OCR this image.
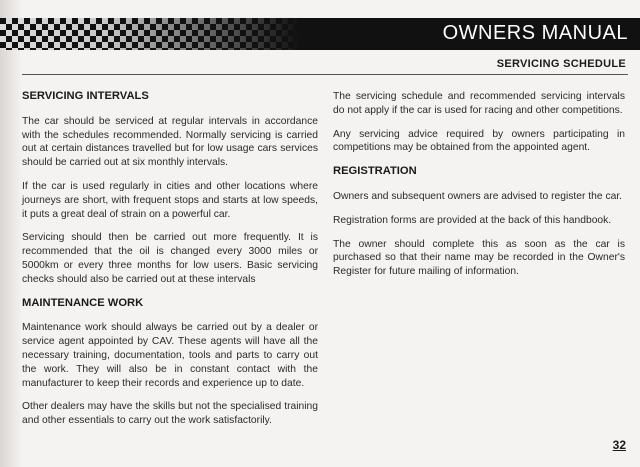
OWNERS MANUAL
SERVICING SCHEDULE
SERVICING INTERVALS

The car should be serviced at regular intervals in accordance with the schedules recommended. Normally servicing is carried out at certain distances travelled but for low usage cars services should be carried out at six monthly intervals.

If the car is used regularly in cities and other locations where journeys are short, with frequent stops and starts at low speeds, it puts a great deal of strain on a powerful car.

Servicing should then be carried out more frequently. It is recommended that the oil is changed every 3000 miles or 5000km or every three months for low users. Basic servicing checks should also be carried out at these intervals

MAINTENANCE WORK

Maintenance work should always be carried out by a dealer or service agent appointed by CAV. These agents will have all the necessary training, documentation, tools and parts to carry out the work. They will also be in constant contact with the manufacturer to keep their records and experience up to date.

Other dealers may have the skills but not the specialised training and other essentials to carry out the work satisfactorily.

The servicing schedule and recommended servicing intervals do not apply if the car is used for racing and other competitions.

Any servicing advice required by owners participating in competitions may be obtained from the appointed agent.

REGISTRATION

Owners and subsequent owners are advised to register the car.

Registration forms are provided at the back of this handbook.

The owner should complete this as soon as the car is purchased so that their name may be recorded in the Owner's Register for future mailing of information.

32
